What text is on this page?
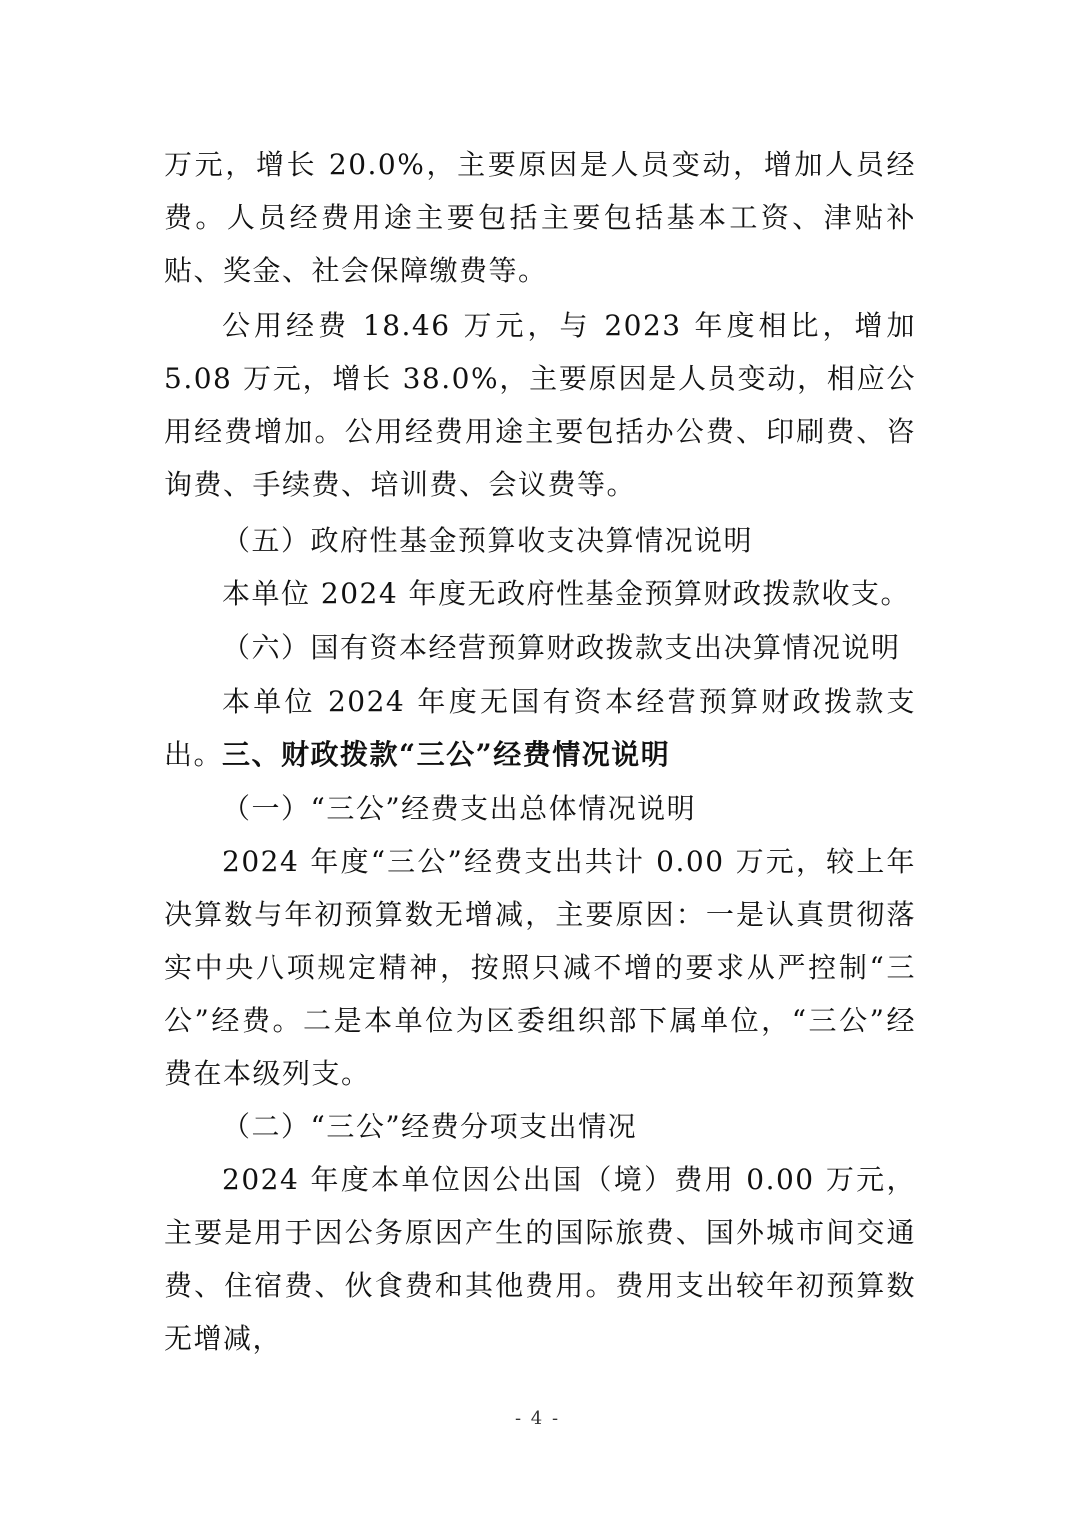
万元，增长 20.0%，主要原因是人员变动，增加人员经费。人员经费用途主要包括主要包括基本工资、津贴补贴、奖金、社会保障缴费等。

公用经费 18.46 万元，与 2023 年度相比，增加 5.08 万元，增长 38.0%，主要原因是人员变动，相应公用经费增加。公用经费用途主要包括办公费、印刷费、咨询费、手续费、培训费、会议费等。

（五）政府性基金预算收支决算情况说明

本单位 2024 年度无政府性基金预算财政拨款收支。

（六）国有资本经营预算财政拨款支出决算情况说明

本单位 2024 年度无国有资本经营预算财政拨款支出。

三、财政拨款“三公”经费情况说明

（一）“三公”经费支出总体情况说明

2024 年度“三公”经费支出共计 0.00 万元，较上年决算数与年初预算数无增减，主要原因：一是认真贯彻落实中央八项规定精神，按照只减不增的要求从严控制“三公”经费。二是本单位为区委组织部下属单位，“三公”经费在本级列支。

（二）“三公”经费分项支出情况

2024 年度本单位因公出国（境）费用 0.00 万元，主要是用于因公务原因产生的国际旅费、国外城市间交通费、住宿费、伙食费和其他费用。费用支出较年初预算数无增减，

- 4 -
